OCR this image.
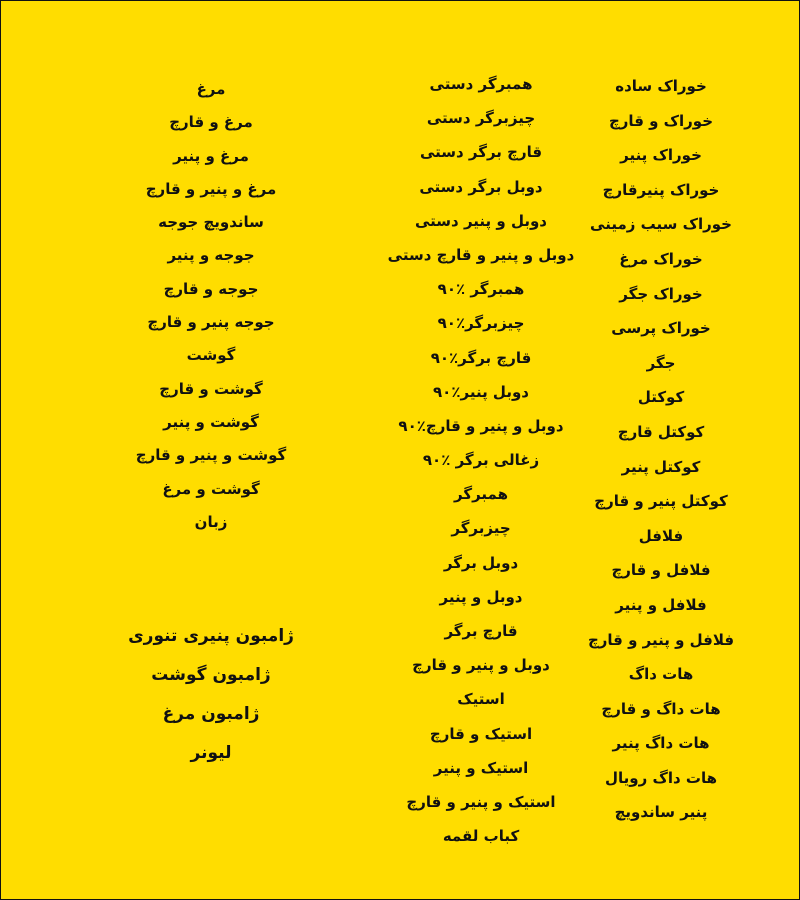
خوراک ساده
خوراک و قارچ
خوراک پنیر
خوراک پنیرقارچ
خوراک سیب زمینی
خوراک مرغ
خوراک جگر
خوراک پرسی
جگر
کوکتل
کوکتل قارچ
کوکتل پنیر
کوکتل پنیر و قارچ
فلافل
فلافل و قارچ
فلافل و پنیر
فلافل و پنیر و قارچ
هات داگ
هات داگ و قارچ
هات داگ پنیر
هات داگ رویال
پنیر ساندویچ
همبرگر دستی
چیزبرگر دستی
قارچ برگر دستی
دوبل برگر دستی
دوبل و پنیر دستی
دوبل و پنیر و قارچ دستی
همبرگر ٪۹۰
چیزبرگر٪۹۰
قارچ برگر٪۹۰
دوبل پنیر٪۹۰
دوبل و پنیر و قارچ٪۹۰
زغالی برگر ٪۹۰
همبرگر
چیزبرگر
دوبل برگر
دوبل و پنیر
قارچ برگر
دوبل و پنیر و قارچ
استیک
استیک و قارچ
استیک و پنیر
استیک و پنیر و قارچ
کباب لقمه
مرغ
مرغ و قارچ
مرغ و پنیر
مرغ و پنیر و قارچ
ساندویچ جوجه
جوجه و پنیر
جوجه و قارچ
جوجه پنیر و قارچ
گوشت
گوشت و قارچ
گوشت و پنیر
گوشت و پنیر و قارچ
گوشت و مرغ
زبان
ژامبون پنیری تنوری
ژامبون گوشت
ژامبون مرغ
لیونر
